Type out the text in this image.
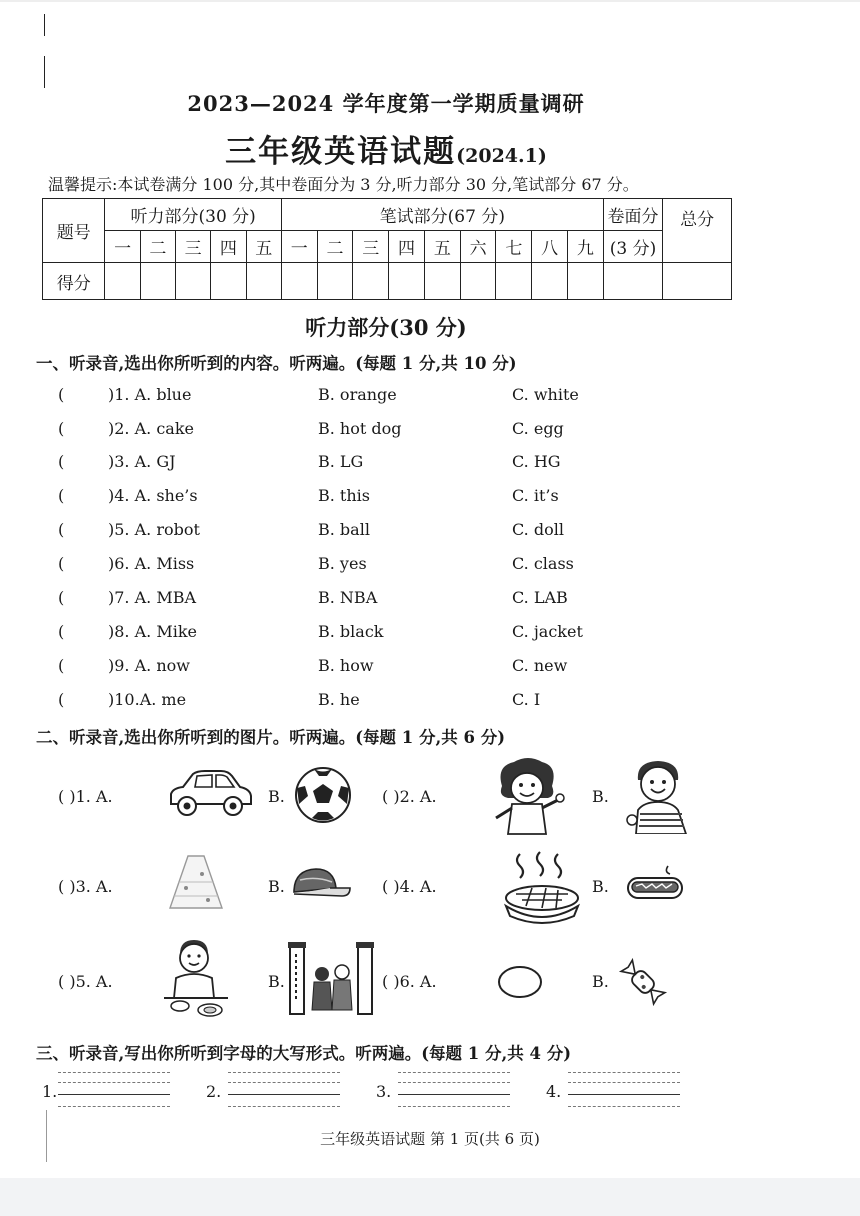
2023—2024 学年度第一学期质量调研
三年级英语试题(2024.1)
温馨提示:本试卷满分 100 分,其中卷面分为 3 分,听力部分 30 分,笔试部分 67 分。
题号	听力部分(30 分)					笔试部分(67 分)									卷面分	总分
	一	二	三	四	五	一	二	三	四	五	六	七	八	九	(3 分)	
得分																
听力部分(30 分)
一、听录音,选出你所听到的内容。听两遍。(每题 1 分,共 10 分)
(	)1. A. blue	B. orange	C. white
(	)2. A. cake	B. hot dog	C. egg
(	)3. A. GJ	B. LG	C. HG
(	)4. A. she’s	B. this	C. it’s
(	)5. A. robot	B. ball	C. doll
(	)6. A. Miss	B. yes	C. class
(	)7. A. MBA	B. NBA	C. LAB
(	)8. A. Mike	B. black	C. jacket
(	)9. A. now	B. how	C. new
(	)10.A. me	B. he	C. I
二、听录音,选出你所听到的图片。听两遍。(每题 1 分,共 6 分)
( )1. A.	B.	( )2. A.	B.
( )3. A.	B.	( )4. A.	B.
( )5. A.	B.	( )6. A.	B.
三、听录音,写出你所听到字母的大写形式。听两遍。(每题 1 分,共 4 分)
1.	2.	3.	4.
三年级英语试题 第 1 页(共 6 页)
